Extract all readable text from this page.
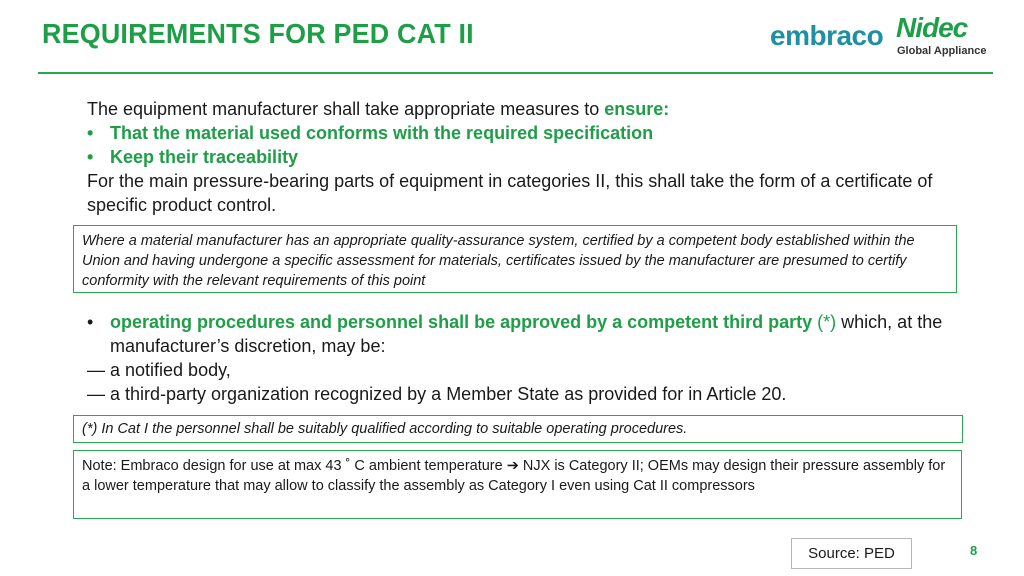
REQUIREMENTS FOR PED CAT II	embraco Nidec
Global Appliance
The equipment manufacturer shall take appropriate measures to ensure:
• That the material used conforms with the required specification
• Keep their traceability
For the main pressure-bearing parts of equipment in categories II, this shall take the form of a certificate of specific product control.
Where a material manufacturer has an appropriate quality-assurance system, certified by a competent body established within the Union and having undergone a specific assessment for materials, certificates issued by the manufacturer are presumed to certify conformity with the relevant requirements of this point
• operating procedures and personnel shall be approved by a competent third party (*) which, at the manufacturer’s discretion, may be:
— a notified body,
— a third-party organization recognized by a Member State as provided for in Article 20.
(*) In Cat I the personnel shall be suitably qualified according to suitable operating procedures.
Note: Embraco design for use at max 43 ˚ C ambient temperature ➔ NJX is Category II; OEMs may design their pressure assembly for a lower temperature that may allow to classify the assembly as Category I even using Cat II compressors
Source: PED	8
